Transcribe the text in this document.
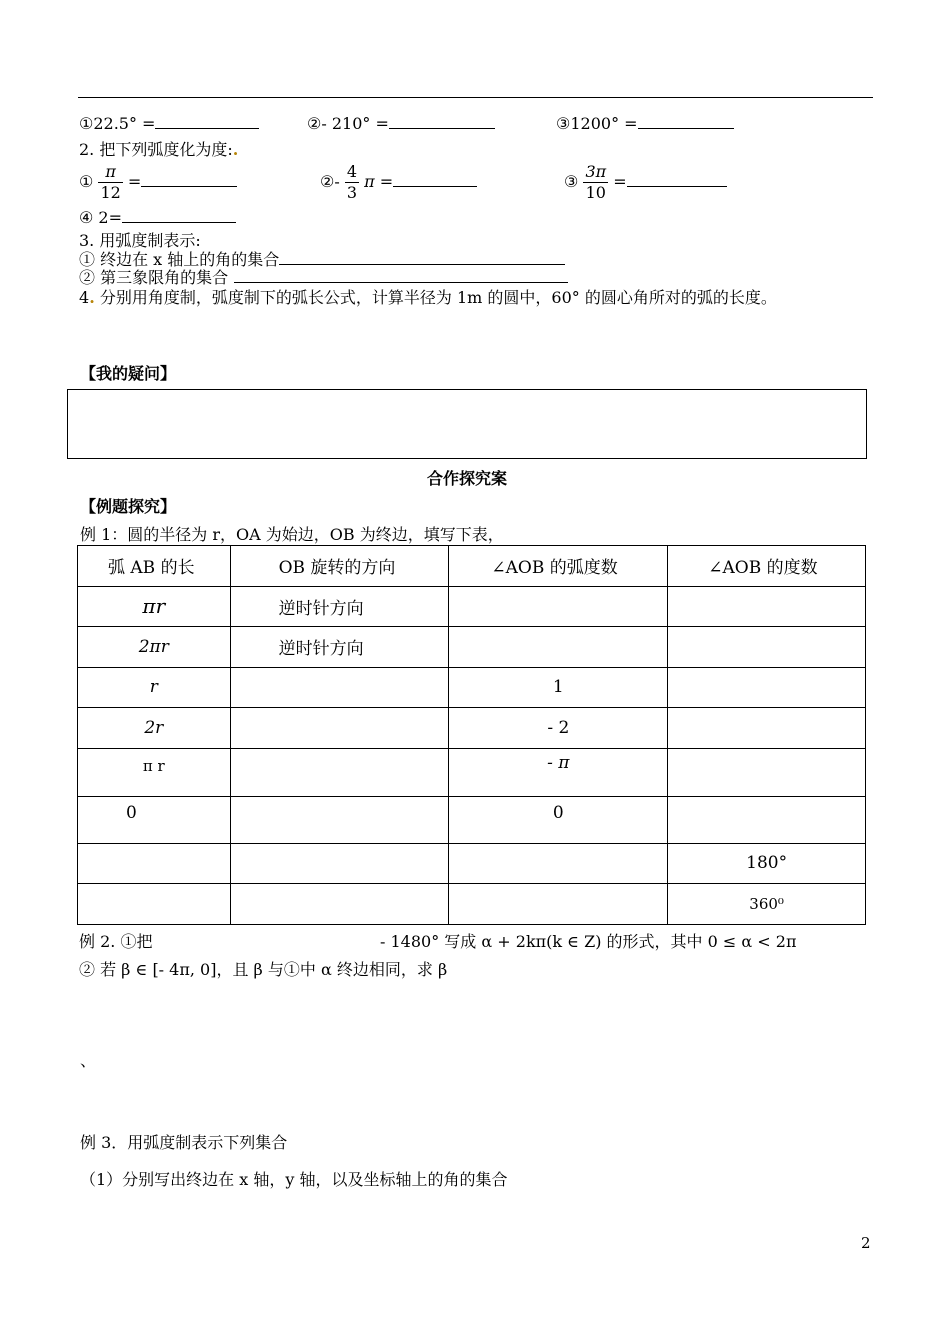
①22.5° =	②- 210° =	③1200° =
2. 把下列弧度化为度:.
① $\frac{\pi}{12}$ =	②- $\frac{4}{3}$ π =	③ $\frac{3\pi}{10}$ =
④ 2=
3. 用弧度制表示:
① 终边在 x 轴上的角的集合
② 第三象限角的集合
4. 分别用角度制，弧度制下的弧长公式，计算半径为 1m 的圆中，60° 的圆心角所对的弧的长度。
【我的疑问】
合作探究案
【例题探究】
例 1：圆的半径为 r，OA 为始边，OB 为终边，填写下表，
弧 AB 的长	OB 旋转的方向	∠AOB 的弧度数	∠AOB 的度数
πr	逆时针方向		
2πr	逆时针方向		
r		1	
2r		- 2	
π r		- π	
0		0	
			180°
			360⁰
例 2. ①把	- 1480° 写成 α + 2kπ(k ∈ Z) 的形式，其中 0 ≤ α < 2π
② 若 β ∈ [- 4π, 0]，且 β 与①中 α 终边相同，求 β
、
例 3．用弧度制表示下列集合
（1）分别写出终边在 x 轴，y 轴，以及坐标轴上的角的集合
2
